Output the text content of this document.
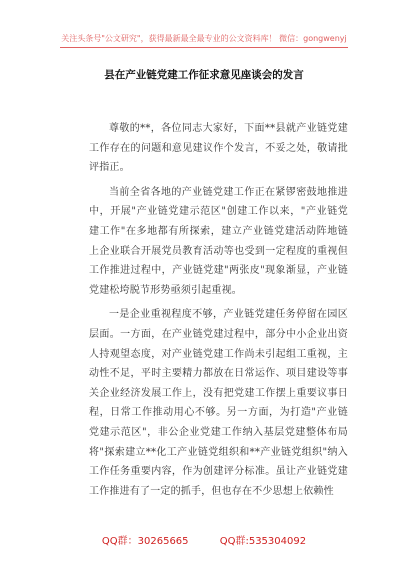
关注头条号"公文研究"，获得最新最全最专业的公文资料库！ 微信：gongwenyj
县在产业链党建工作征求意见座谈会的发言

尊敬的**，各位同志大家好，下面**县就产业链党建工作存在的问题和意见建议作个发言，不妥之处，敬请批评指正。

当前全省各地的产业链党建工作正在紧锣密鼓地推进中，开展"产业链党建示范区"创建工作以来，"产业链党建工作"在多地都有所探索，建立产业链党建活动阵地链上企业联合开展党员教育活动等也受到一定程度的重视但工作推进过程中，产业链党建"两张皮"现象渐显，产业链党建松垮脱节形势亟须引起重视。

一是企业重视程度不够，产业链党建任务停留在园区层面。一方面，在产业链党建过程中，部分中小企业出资人持观望态度，对产业链党建工作尚未引起组工重视，主动性不足，平时主要精力都放在日常运作、项目建设等事关企业经济发展工作上，没有把党建工作摆上重要议事日程，日常工作推动用心不够。另一方面，为打造"产业链党建示范区"，非公企业党建工作纳入基层党建整体布局将"探索建立**化工产业链党组织和**产业链党组织"纳入工作任务重要内容，作为创建评分标准。虽让产业链党建工作推进有了一定的抓手，但也存在不少思想上依赖性

QQ群：30265665	QQ群:535304092
